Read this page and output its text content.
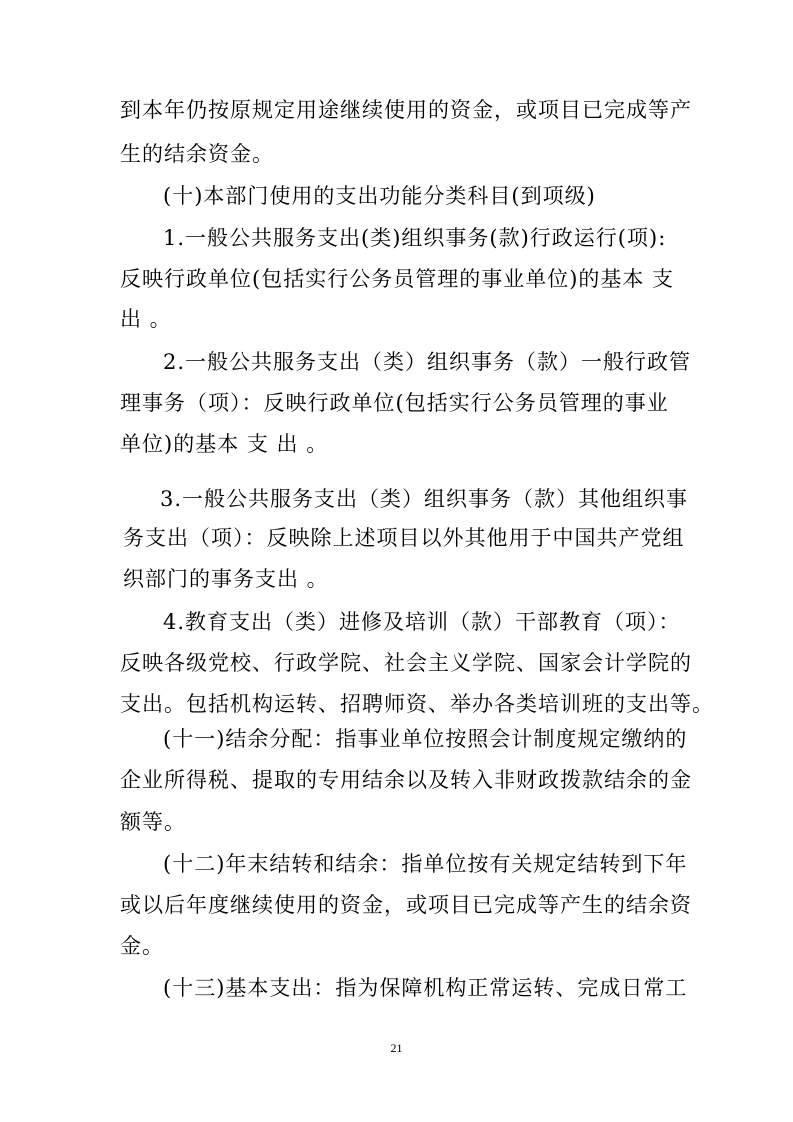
到本年仍按原规定用途继续使用的资金，或项目已完成等产
生的结余资金。
(十)本部门使用的支出功能分类科目(到项级)
1.一般公共服务支出(类)组织事务(款)行政运行(项):
反映行政单位(包括实行公务员管理的事业单位)的基本 支
出 。
2.一般公共服务支出（类）组织事务（款）一般行政管
理事务（项）：反映行政单位(包括实行公务员管理的事业
单位)的基本 支 出 。
3.一般公共服务支出（类）组织事务（款）其他组织事
务支出（项）：反映除上述项目以外其他用于中国共产党组
织部门的事务支出 。
4.教育支出（类）进修及培训（款）干部教育（项）：
反映各级党校、行政学院、社会主义学院、国家会计学院的
支出。包括机构运转、招聘师资、举办各类培训班的支出等。
(十一)结余分配：指事业单位按照会计制度规定缴纳的
企业所得税、提取的专用结余以及转入非财政拨款结余的金
额等。
(十二)年末结转和结余：指单位按有关规定结转到下年
或以后年度继续使用的资金，或项目已完成等产生的结余资
金。
(十三)基本支出：指为保障机构正常运转、完成日常工
21
